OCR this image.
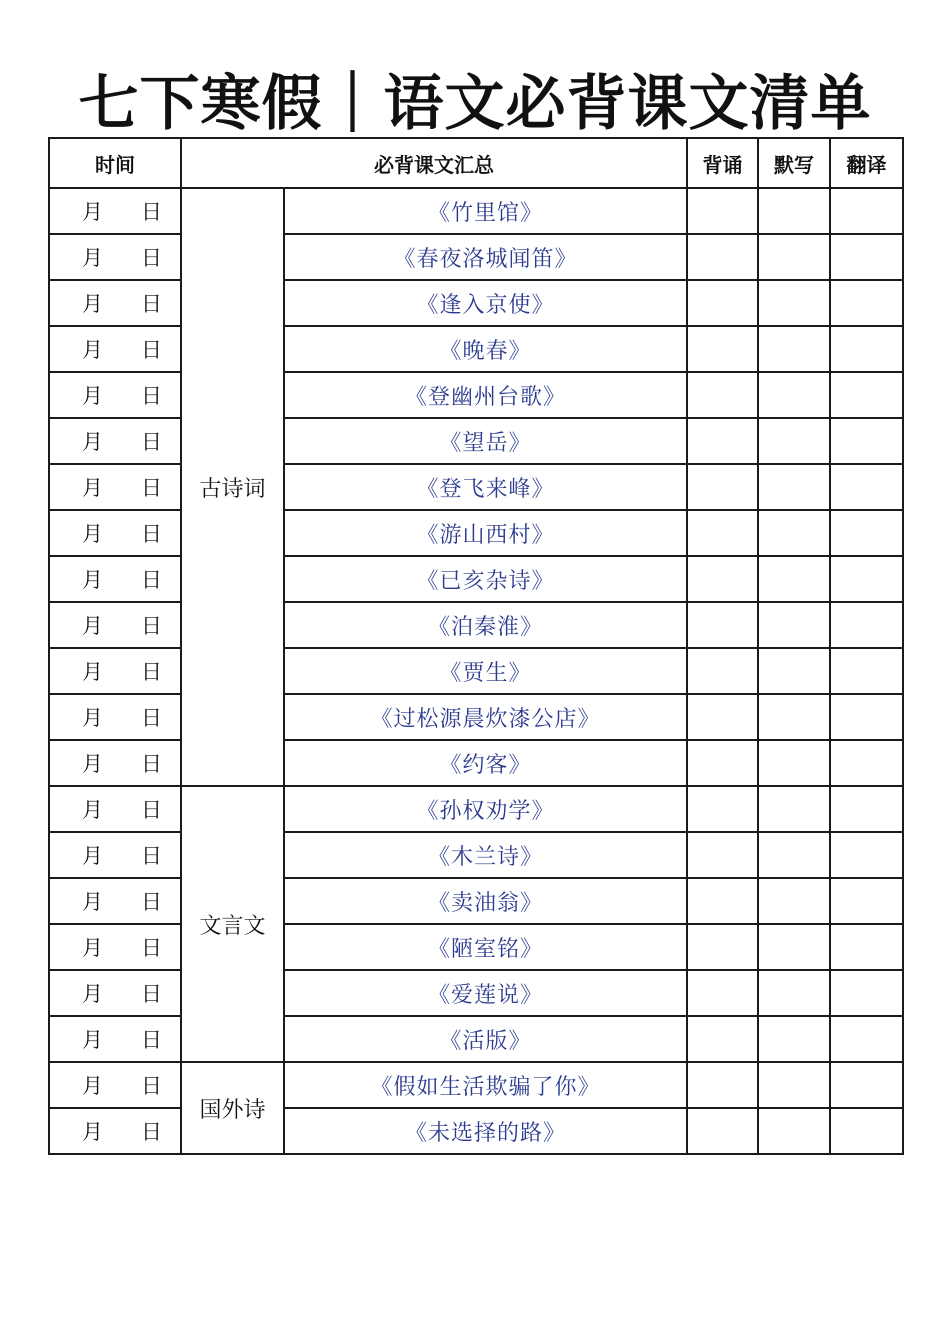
七下寒假｜语文必背课文清单
时间	必背课文汇总		背诵	默写	翻译

月 日	古诗词	《竹里馆》			

月 日		《春夜洛城闻笛》			

月 日		《逢入京使》			

月 日		《晚春》			

月 日		《登幽州台歌》			

月 日		《望岳》			

月 日		《登飞来峰》			

月 日		《游山西村》			

月 日		《已亥杂诗》			

月 日		《泊秦淮》			

月 日		《贾生》			

月 日		《过松源晨炊漆公店》			

月 日		《约客》			

月 日	文言文	《孙权劝学》			

月 日		《木兰诗》			

月 日		《卖油翁》			

月 日		《陋室铭》			

月 日		《爱莲说》			

月 日		《活版》			

月 日	国外诗	《假如生活欺骗了你》			

月 日		《未选择的路》			
